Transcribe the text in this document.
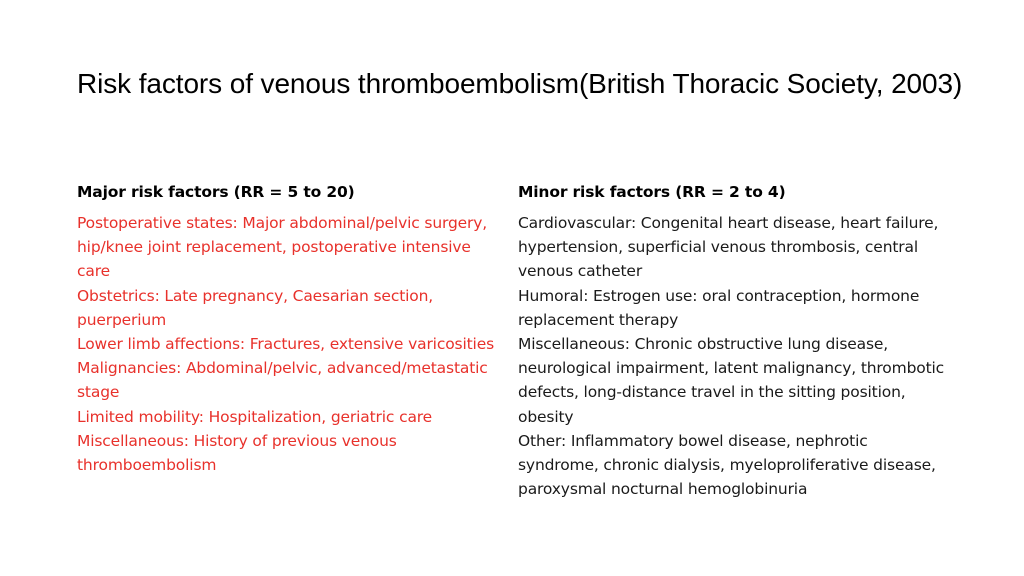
Risk factors of venous thromboembolism(British Thoracic Society, 2003)
Major risk factors (RR = 5 to 20)
Postoperative states: Major abdominal/pelvic surgery, hip/knee joint replacement, postoperative intensive care
Obstetrics: Late pregnancy, Caesarian section, puerperium
Lower limb affections: Fractures, extensive varicosities
Malignancies: Abdominal/pelvic, advanced/metastatic stage
Limited mobility: Hospitalization, geriatric care
Miscellaneous: History of previous venous thromboembolism
Minor risk factors (RR = 2 to 4)
Cardiovascular: Congenital heart disease, heart failure, hypertension, superficial venous thrombosis, central venous catheter
Humoral: Estrogen use: oral contraception, hormone replacement therapy
Miscellaneous: Chronic obstructive lung disease, neurological impairment, latent malignancy, thrombotic defects, long-distance travel in the sitting position, obesity
Other: Inflammatory bowel disease, nephrotic syndrome, chronic dialysis, myeloproliferative disease, paroxysmal nocturnal hemoglobinuria
